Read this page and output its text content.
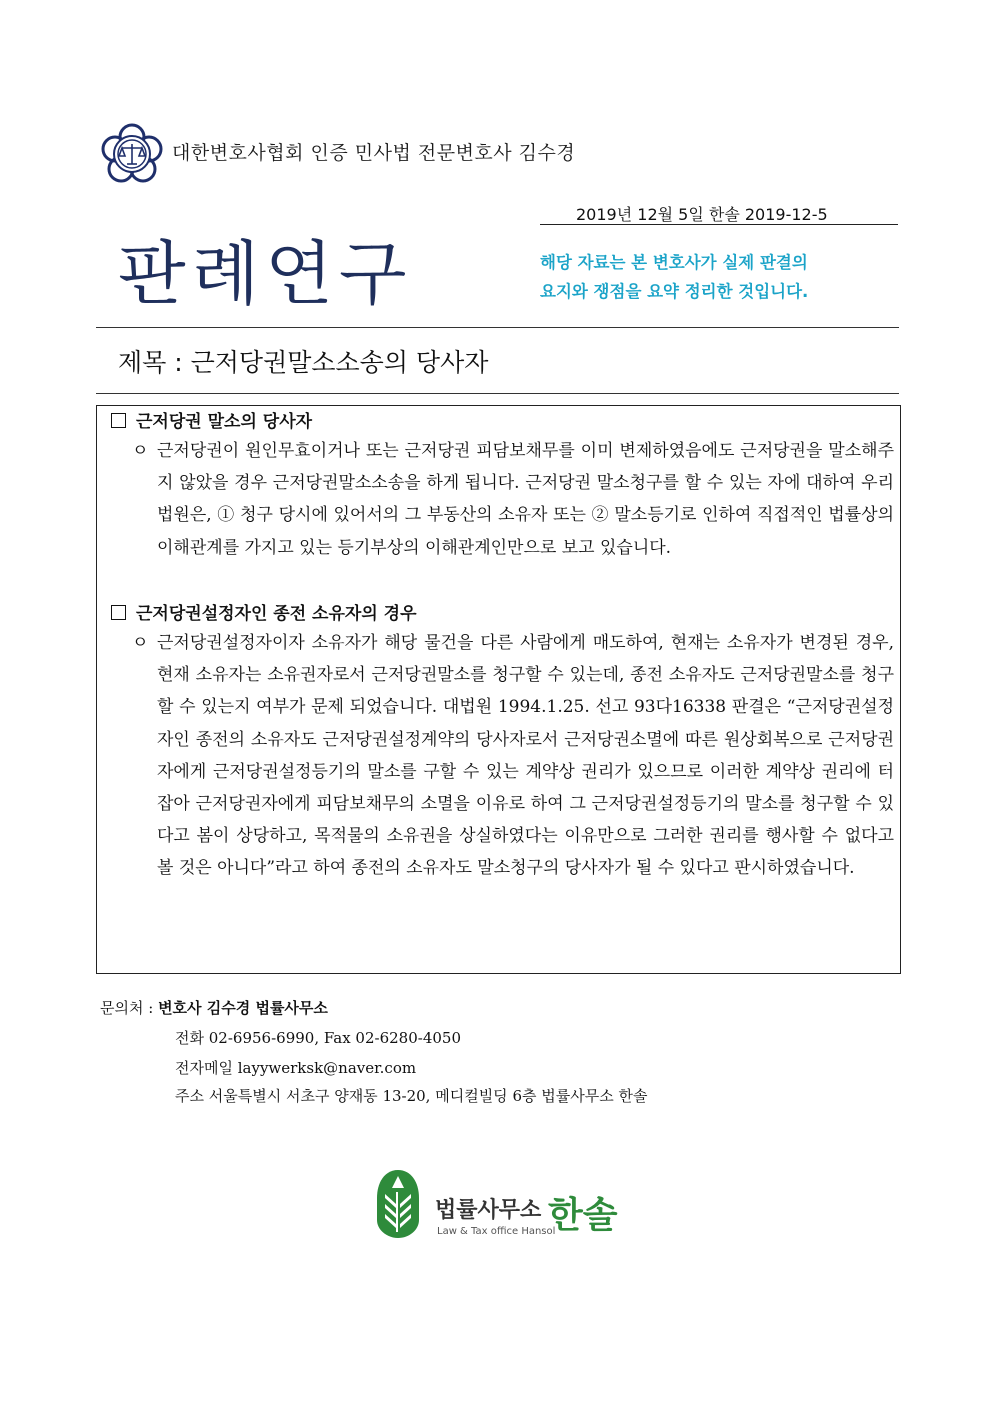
대한변호사협회 인증 민사법 전문변호사 김수경
2019년 12월 5일 한솔 2019-12-5
판례연구	해당 자료는 본 변호사가 실제 판결의
요지와 쟁점을 요약 정리한 것입니다.
제목 : 근저당권말소소송의 당사자
근저당권 말소의 당사자
ㅇ 근저당권이 원인무효이거나 또는 근저당권 피담보채무를 이미 변제하였음에도 근저당권을 말소해주지 않았을 경우 근저당권말소소송을 하게 됩니다. 근저당권 말소청구를 할 수 있는 자에 대하여 우리 법원은, ① 청구 당시에 있어서의 그 부동산의 소유자 또는 ② 말소등기로 인하여 직접적인 법률상의 이해관계를 가지고 있는 등기부상의 이해관계인만으로 보고 있습니다.
근저당권설정자인 종전 소유자의 경우
ㅇ 근저당권설정자이자 소유자가 해당 물건을 다른 사람에게 매도하여, 현재는 소유자가 변경된 경우, 현재 소유자는 소유권자로서 근저당권말소를 청구할 수 있는데, 종전 소유자도 근저당권말소를 청구할 수 있는지 여부가 문제 되었습니다. 대법원 1994.1.25. 선고 93다16338 판결은 “근저당권설정자인 종전의 소유자도 근저당권설정계약의 당사자로서 근저당권소멸에 따른 원상회복으로 근저당권자에게 근저당권설정등기의 말소를 구할 수 있는 계약상 권리가 있으므로 이러한 계약상 권리에 터잡아 근저당권자에게 피담보채무의 소멸을 이유로 하여 그 근저당권설정등기의 말소를 청구할 수 있다고 봄이 상당하고, 목적물의 소유권을 상실하였다는 이유만으로 그러한 권리를 행사할 수 없다고 볼 것은 아니다”라고 하여 종전의 소유자도 말소청구의 당사자가 될 수 있다고 판시하였습니다.
문의처 : 변호사 김수경 법률사무소
전화 02-6956-6990, Fax 02-6280-4050
전자메일 layywerksk@naver.com
주소 서울특별시 서초구 양재동 13-20, 메디컬빌딩 6층 법률사무소 한솔
법률사무소 한솔
Law & Tax office Hansol
